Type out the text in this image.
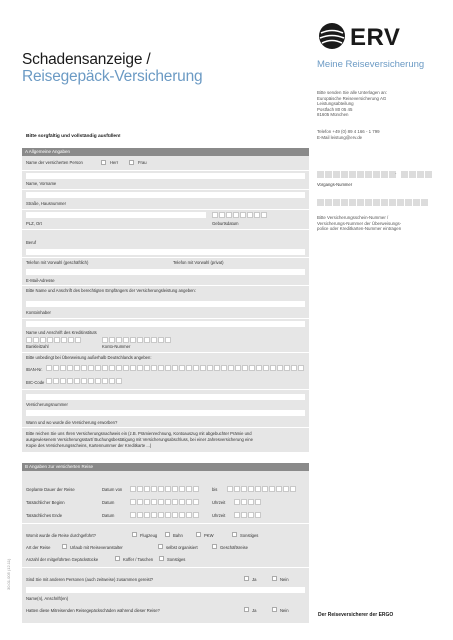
Schadensanzeige /
Reisegepäck-Versicherung
ERV
Meine Reiseversicherung
Bitte senden Sie alle Unterlagen an:
Europäische Reiseversicherung AG
Leistungsabteilung
Postfach 80 05 45
81605 München
Telefon +49 (0) 89 4 166 - 1 799
E-Mail leistung@erv.de
Bitte sorgfältig und vollständig ausfüllen!
-
Vorgangs-Nummer
Bitte Versicherungsschein-Nummer /
Versicherungs-Nummer der Überweisungs-
police oder Kreditkarten-Nummer eintragen
A Allgemeine Angaben
Name der versicherten Person	Herr	Frau
Name, Vorname
Straße, Hausnummer
PLZ, Ort	Geburtsdatum
Beruf
Telefon mit Vorwahl (geschäftlich)	Telefon mit Vorwahl (privat)
E-Mail-Adresse
Bitte Name und Anschrift des berechtigten Empfängers der Versicherungsleistung angeben:
Kontoinhaber
Name und Anschrift des Kreditinstituts
Bankleitzahl	Konto-Nummer
Bitte unbedingt bei Überweisung außerhalb Deutschlands angeben:
IBAN-Nr.
BIC-Code
Versicherungsnummer
Wann und wo wurde die Versicherung erworben?
Bitte reichen Sie uns Ihren Versicherungsnachweis ein (z.B. Prämienrechnung, Kontoauszug mit abgebuchter Prämie und
ausgewiesenem Versicherungsstart/ Buchungsbestätigung mit Versicherungsabschluss, bei einer Jahresversicherung eine
Kopie des Versicherungsscheins, Kartennummer der Kreditkarte ...)
B Angaben zur versicherten Reise
Geplante Dauer der Reise	Datum von	bis
Tatsächlicher Beginn	Datum	Uhrzeit
Tatsächliches Ende	Datum	Uhrzeit
Womit wurde die Reise durchgeführt?	Flugzeug	Bahn	PKW	Sonstiges
Art der Reise	Urlaub mit Reiseveranstalter	selbst organisiert	Geschäftsreise
Anzahl der mitgeführten Gepäckstücke	Koffer / Taschen	Sonstiges
Sind Sie mit anderen Personen (auch zeitweise) zusammen gereist?	Ja	Nein
Name(n), Anschrift(en)
Hatten diese Mitreisenden Reisegepäckschäden während dieser Reise?	Ja	Nein
Der Reiseversicherer der ERGO
30.01.005 (12.11)
